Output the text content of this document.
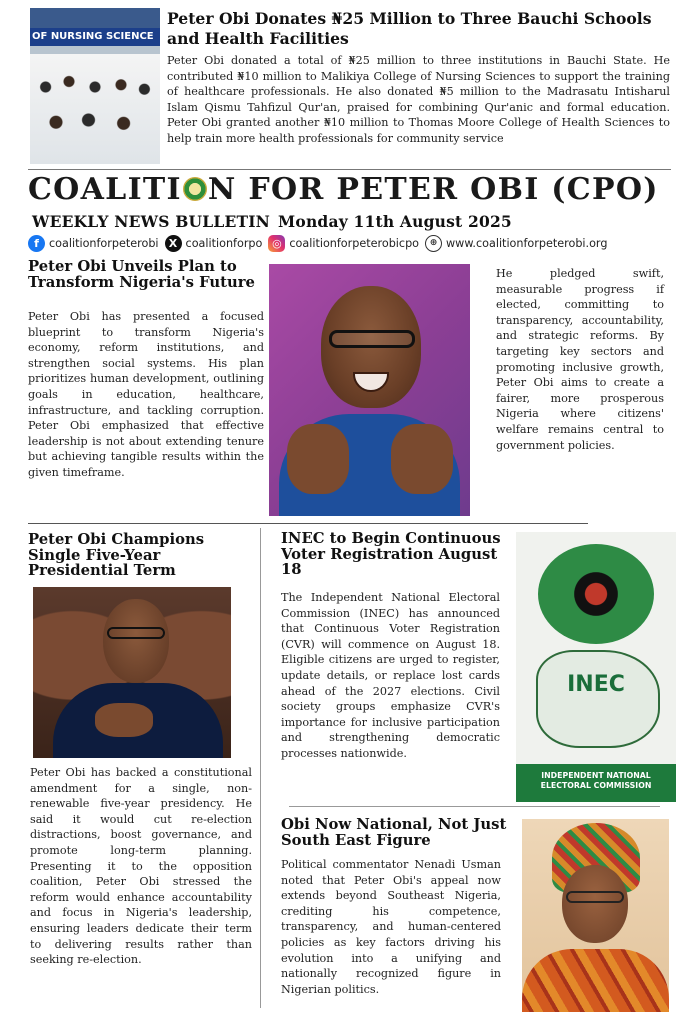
OF NURSING SCIENCE
Peter Obi Donates ₦25 Million to Three Bauchi Schools and Health Facilities
Peter Obi donated a total of ₦25 million to three institutions in Bauchi State. He contributed ₦10 million to Malikiya College of Nursing Sciences to support the training of healthcare professionals. He also donated ₦5 million to the Madrasatu Intisharul Islam Qismu Tahfizul Qur'an, praised for combining Qur'anic and formal education. Peter Obi granted another ₦10 million to Thomas Moore College of Health Sciences to help train more health professionals for community service
COALITI N FOR PETER OBI (CPO)
WEEKLY NEWS BULLETIN Monday 11th August 2025
f coalitionforpeterobi X coalitionforpo ◎ coalitionforpeterobicpo	⊕ www.coalitionforpeterobi.org
Peter Obi Unveils Plan to Transform Nigeria's Future
Peter Obi has presented a focused blueprint to transform Nigeria's economy, reform institutions, and strengthen social systems. His plan prioritizes human development, outlining goals in education, healthcare, infrastructure, and tackling corruption. Peter Obi emphasized that effective leadership is not about extending tenure but achieving tangible results within the given timeframe.
He pledged swift, measurable progress if elected, committing to transparency, accountability, and strategic reforms. By targeting key sectors and promoting inclusive growth, Peter Obi aims to create a fairer, more prosperous Nigeria where citizens' welfare remains central to government policies.
Peter Obi Champions Single Five-Year Presidential Term
Peter Obi has backed a constitutional amendment for a single, non-renewable five-year presidency. He said it would cut re-election distractions, boost governance, and promote long-term planning. Presenting it to the opposition coalition, Peter Obi stressed the reform would enhance accountability and focus in Nigeria's leadership, ensuring leaders dedicate their term to delivering results rather than seeking re-election.
INEC to Begin Continuous Voter Registration August 18
The Independent National Electoral Commission (INEC) has announced that Continuous Voter Registration (CVR) will commence on August 18. Eligible citizens are urged to register, update details, or replace lost cards ahead of the 2027 elections. Civil society groups emphasize CVR's importance for inclusive participation and strengthening democratic processes nationwide.
INEC
INDEPENDENT NATIONAL ELECTORAL COMMISSION
Obi Now National, Not Just South East Figure
Political commentator Nenadi Usman noted that Peter Obi's appeal now extends beyond Southeast Nigeria, crediting his competence, transparency, and human-centered policies as key factors driving his evolution into a unifying and nationally recognized figure in Nigerian politics.
